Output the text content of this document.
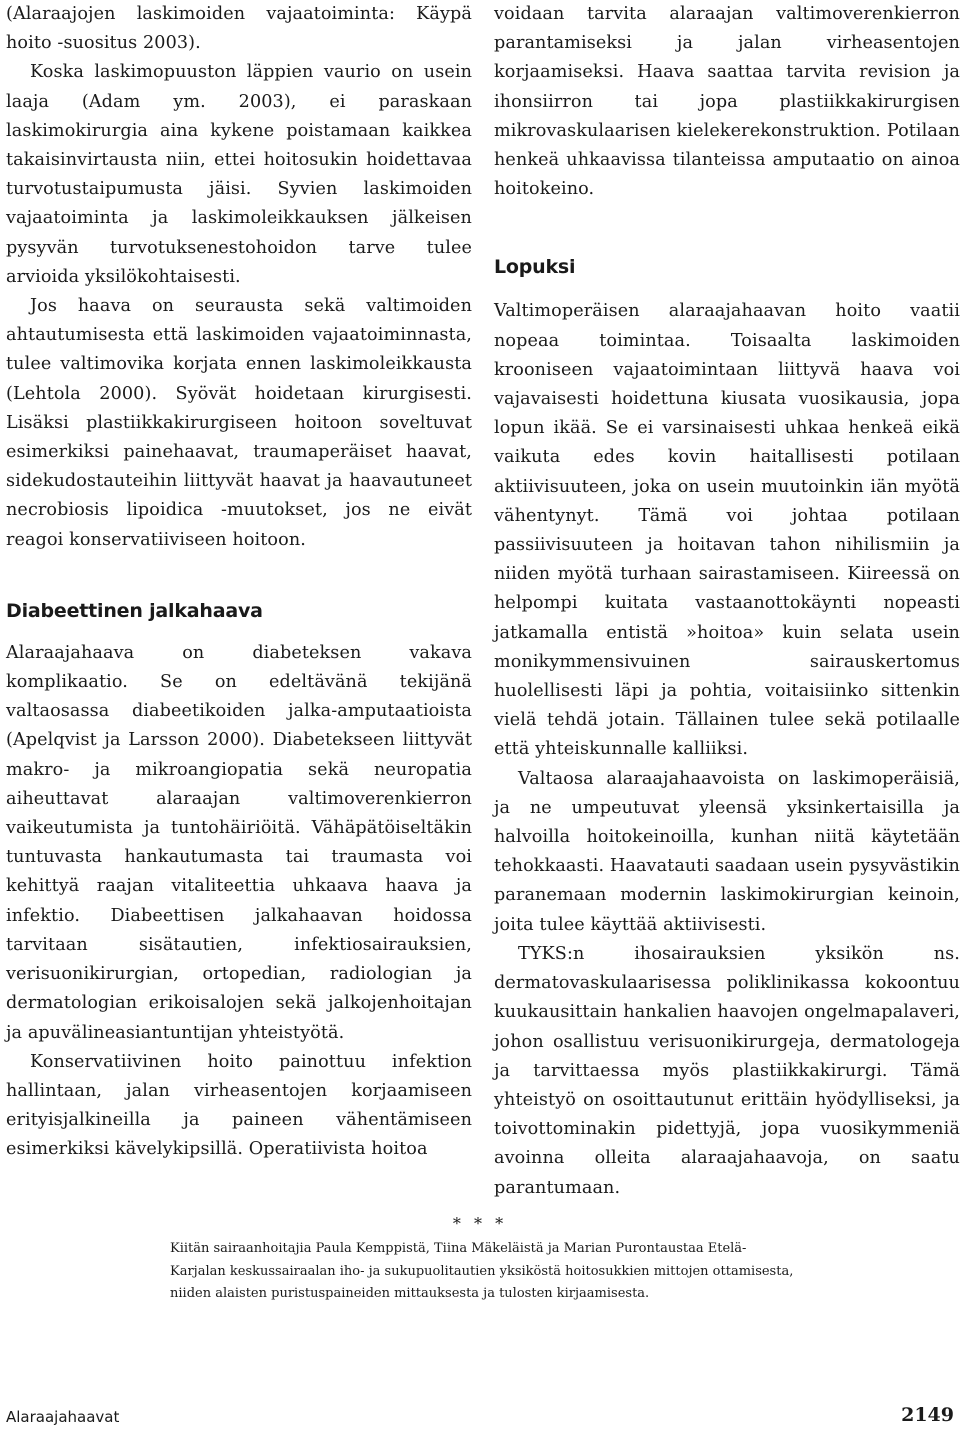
(Alaraajojen laskimoiden vajaatoiminta: Käypä hoito -suositus 2003).

Koska laskimopuuston läppien vaurio on usein laaja (Adam ym. 2003), ei paraskaan laskimokirurgia aina kykene poistamaan kaikkea takaisinvirtausta niin, ettei hoitosukin hoidettavaa turvotustaipumusta jäisi. Syvien laskimoiden vajaatoiminta ja laskimoleikkauksen jälkeisen pysyvän turvotuksenestohoidon tarve tulee arvioida yksilökohtaisesti.

Jos haava on seurausta sekä valtimoiden ahtautumisesta että laskimoiden vajaatoiminnasta, tulee valtimovika korjata ennen laskimoleikkausta (Lehtola 2000). Syövät hoidetaan kirurgisesti. Lisäksi plastiikkakirurgiseen hoitoon soveltuvat esimerkiksi painehaavat, traumaperäiset haavat, sidekudostauteihin liittyvät haavat ja haavautuneet necrobiosis lipoidica -muutokset, jos ne eivät reagoi konservatiiviseen hoitoon.

Diabeettinen jalkahaava

Alaraajahaava on diabeteksen vakava komplikaatio. Se on edeltävänä tekijänä valtaosassa diabeetikoiden jalka-amputaatioista (Apelqvist ja Larsson 2000). Diabetekseen liittyvät makro- ja mikroangiopatia sekä neuropatia aiheuttavat alaraajan valtimoverenkierron vaikeutumista ja tuntohäiriöitä. Vähäpätöiseltäkin tuntuvasta hankautumasta tai traumasta voi kehittyä raajan vitaliteettia uhkaava haava ja infektio. Diabeettisen jalkahaavan hoidossa tarvitaan sisätautien, infektiosairauksien, verisuonikirurgian, ortopedian, radiologian ja dermatologian erikoisalojen sekä jalkojenhoitajan ja apuvälineasiantuntijan yhteistyötä.

Konservatiivinen hoito painottuu infektion hallintaan, jalan virheasentojen korjaamiseen erityisjalkineilla ja paineen vähentämiseen esimerkiksi kävelykipsillä. Operatiivista hoitoa

voidaan tarvita alaraajan valtimoverenkierron parantamiseksi ja jalan virheasentojen korjaamiseksi. Haava saattaa tarvita revision ja ihonsiirron tai jopa plastiikkakirurgisen mikrovaskulaarisen kielekerekonstruktion. Potilaan henkeä uhkaavissa tilanteissa amputaatio on ainoa hoitokeino.

Lopuksi

Valtimoperäisen alaraajahaavan hoito vaatii nopeaa toimintaa. Toisaalta laskimoiden krooniseen vajaatoimintaan liittyvä haava voi vajavaisesti hoidettuna kiusata vuosikausia, jopa lopun ikää. Se ei varsinaisesti uhkaa henkeä eikä vaikuta edes kovin haitallisesti potilaan aktiivisuuteen, joka on usein muutoinkin iän myötä vähentynyt. Tämä voi johtaa potilaan passiivisuuteen ja hoitavan tahon nihilismiin ja niiden myötä turhaan sairastamiseen. Kiireessä on helpompi kuitata vastaanottokäynti nopeasti jatkamalla entistä »hoitoa» kuin selata usein monikymmensivuinen sairauskertomus huolellisesti läpi ja pohtia, voitaisiinko sittenkin vielä tehdä jotain. Tällainen tulee sekä potilaalle että yhteiskunnalle kalliiksi.

Valtaosa alaraajahaavoista on laskimoperäisiä, ja ne umpeutuvat yleensä yksinkertaisilla ja halvoilla hoitokeinoilla, kunhan niitä käytetään tehokkaasti. Haavatauti saadaan usein pysyvästikin paranemaan modernin laskimokirurgian keinoin, joita tulee käyttää aktiivisesti.

TYKS:n ihosairauksien yksikön ns. dermatovaskulaarisessa poliklinikassa kokoontuu kuukausittain hankalien haavojen ongelmapalaveri, johon osallistuu verisuonikirurgeja, dermatologeja ja tarvittaessa myös plastiikkakirurgi. Tämä yhteistyö on osoittautunut erittäin hyödylliseksi, ja toivottominakin pidettyjä, jopa vuosikymmeniä avoinna olleita alaraajahaavoja, on saatu parantumaan.

* * *
Kiitän sairaanhoitajia Paula Kemppistä, Tiina Mäkeläistä ja Marian Purontaustaa Etelä-Karjalan keskussairaalan iho- ja sukupuolitautien yksiköstä hoitosukkien mittojen ottamisesta, niiden alaisten puristuspaineiden mittauksesta ja tulosten kirjaamisesta.
Alaraajahaavat	2149
